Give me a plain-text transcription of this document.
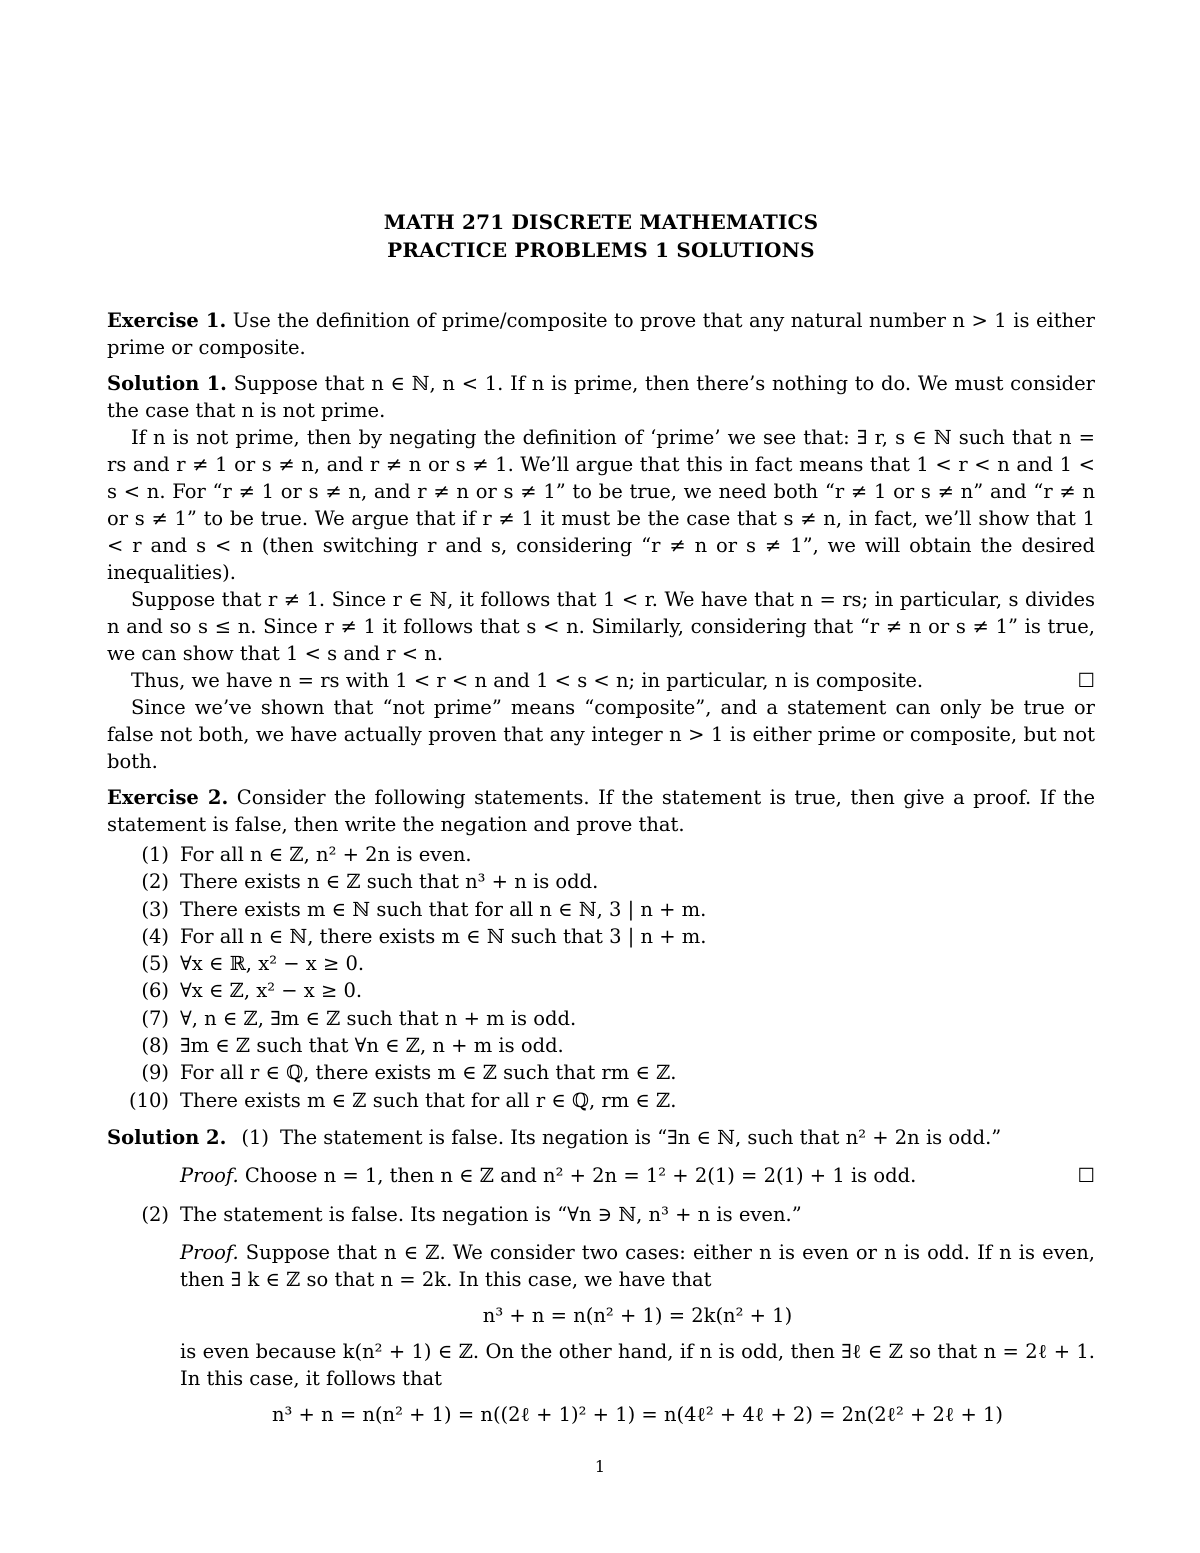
MATH 271 DISCRETE MATHEMATICS
PRACTICE PROBLEMS 1 SOLUTIONS

Exercise 1. Use the definition of prime/composite to prove that any natural number n > 1 is either prime or composite.

Solution 1. Suppose that n ∈ ℕ, n < 1. If n is prime, then there’s nothing to do. We must consider the case that n is not prime.

If n is not prime, then by negating the definition of ‘prime’ we see that: ∃ r, s ∈ ℕ such that n = rs and r ≠ 1 or s ≠ n, and r ≠ n or s ≠ 1. We’ll argue that this in fact means that 1 < r < n and 1 < s < n. For “r ≠ 1 or s ≠ n, and r ≠ n or s ≠ 1” to be true, we need both “r ≠ 1 or s ≠ n” and “r ≠ n or s ≠ 1” to be true. We argue that if r ≠ 1 it must be the case that s ≠ n, in fact, we’ll show that 1 < r and s < n (then switching r and s, considering “r ≠ n or s ≠ 1”, we will obtain the desired inequalities).

Suppose that r ≠ 1. Since r ∈ ℕ, it follows that 1 < r. We have that n = rs; in particular, s divides n and so s ≤ n. Since r ≠ 1 it follows that s < n. Similarly, considering that “r ≠ n or s ≠ 1” is true, we can show that 1 < s and r < n.

Thus, we have n = rs with 1 < r < n and 1 < s < n; in particular, n is composite.	☐

Since we’ve shown that “not prime” means “composite”, and a statement can only be true or false not both, we have actually proven that any integer n > 1 is either prime or composite, but not both.

Exercise 2. Consider the following statements. If the statement is true, then give a proof. If the statement is false, then write the negation and prove that.

(1) For all n ∈ ℤ, n² + 2n is even.
(2) There exists n ∈ ℤ such that n³ + n is odd.
(3) There exists m ∈ ℕ such that for all n ∈ ℕ, 3 | n + m.
(4) For all n ∈ ℕ, there exists m ∈ ℕ such that 3 | n + m.
(5) ∀x ∈ ℝ, x² − x ≥ 0.
(6) ∀x ∈ ℤ, x² − x ≥ 0.
(7) ∀, n ∈ ℤ, ∃m ∈ ℤ such that n + m is odd.
(8) ∃m ∈ ℤ such that ∀n ∈ ℤ, n + m is odd.
(9) For all r ∈ ℚ, there exists m ∈ ℤ such that rm ∈ ℤ.
(10) There exists m ∈ ℤ such that for all r ∈ ℚ, rm ∈ ℤ.
Solution 2. (1) The statement is false. Its negation is “∃n ∈ ℕ, such that n² + 2n is odd.”
Proof. Choose n = 1, then n ∈ ℤ and n² + 2n = 1² + 2(1) = 2(1) + 1 is odd.	☐
(2) The statement is false. Its negation is “∀n ∋ ℕ, n³ + n is even.”

Proof. Suppose that n ∈ ℤ. We consider two cases: either n is even or n is odd. If n is even, then ∃ k ∈ ℤ so that n = 2k. In this case, we have that

n³ + n = n(n² + 1) = 2k(n² + 1)

is even because k(n² + 1) ∈ ℤ. On the other hand, if n is odd, then ∃ℓ ∈ ℤ so that n = 2ℓ + 1. In this case, it follows that

n³ + n = n(n² + 1) = n((2ℓ + 1)² + 1) = n(4ℓ² + 4ℓ + 2) = 2n(2ℓ² + 2ℓ + 1)
1
